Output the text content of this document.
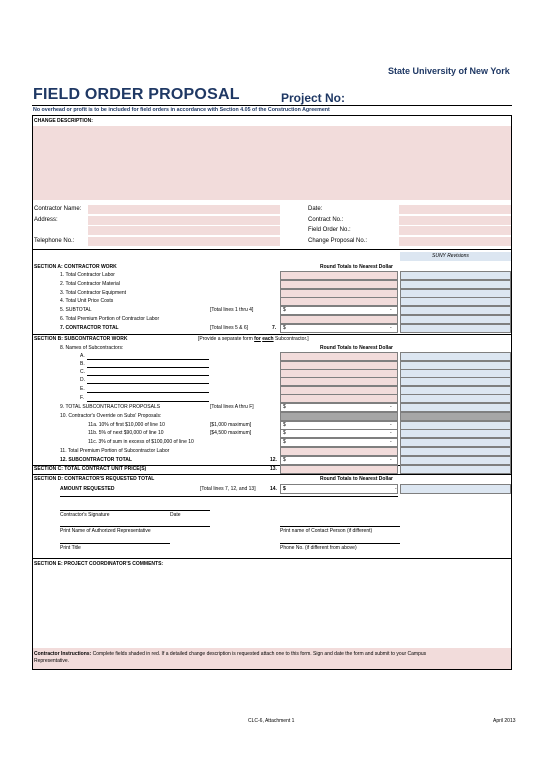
State University of New York
FIELD ORDER PROPOSAL	Project No:
No overhead or profit is to be included for field orders in accordance with Section 4.05 of the Construction Agreement
CHANGE DESCRIPTION:
Contractor Name:
Address:
Telephone No.:
Date:
Contract No.:
Field Order No.:
Change Proposal No.:
SUNY Revisions
SECTION A: CONTRACTOR WORK	Round Totals to Nearest Dollar
1. Total Contractor Labor
2. Total Contractor Material
3. Total Contractor Equipment
4. Total Unit Price Costs
5. SUBTOTAL	[Total lines 1 thru 4]	$	-
6. Total Premium Portion of Contractor Labor
7. CONTRACTOR TOTAL	[Total lines 5 & 6]	7. $	-
SECTION B: SUBCONTRACTOR WORK	[Provide a separate form for each Subcontractor.]
8. Names of Subcontractors:	Round Totals to Nearest Dollar
A.
B.
C.
D.
E.
F.
9. TOTAL SUBCONTRACTOR PROPOSALS	[Total lines A thru F]	$	-
10. Contractor's Override on Subs' Proposals:
11a. 10% of first $10,000 of line 10	[$1,000 maximum]	$	-
11b. 5% of next $90,000 of line 10	[$4,500 maximum]	$	-
11c. 3% of sum in excess of $100,000 of line 10	$	-
11. Total Premium Portion of Subcontractor Labor
12. SUBCONTRACTOR TOTAL	12. $	-
SECTION C: TOTAL CONTRACT UNIT PRICE(S)	13.
SECTION D: CONTRACTOR'S REQUESTED TOTAL	Round Totals to Nearest Dollar
AMOUNT REQUESTED	[Total lines 7, 12, and 13]	14. $	-
Contractor's Signature	Date
Print Name of Authorized Representative	Print name of Contact Person (if different)
Print Title	Phone No. (if different from above)
SECTION E: PROJECT COORDINATOR'S COMMENTS:
Contractor Instructions: Complete fields shaded in red. If a detailed change description is requested attach one to this form. Sign and date the form and submit to your Campus
Representative.
CLC-6, Attachment 1	April 2013
